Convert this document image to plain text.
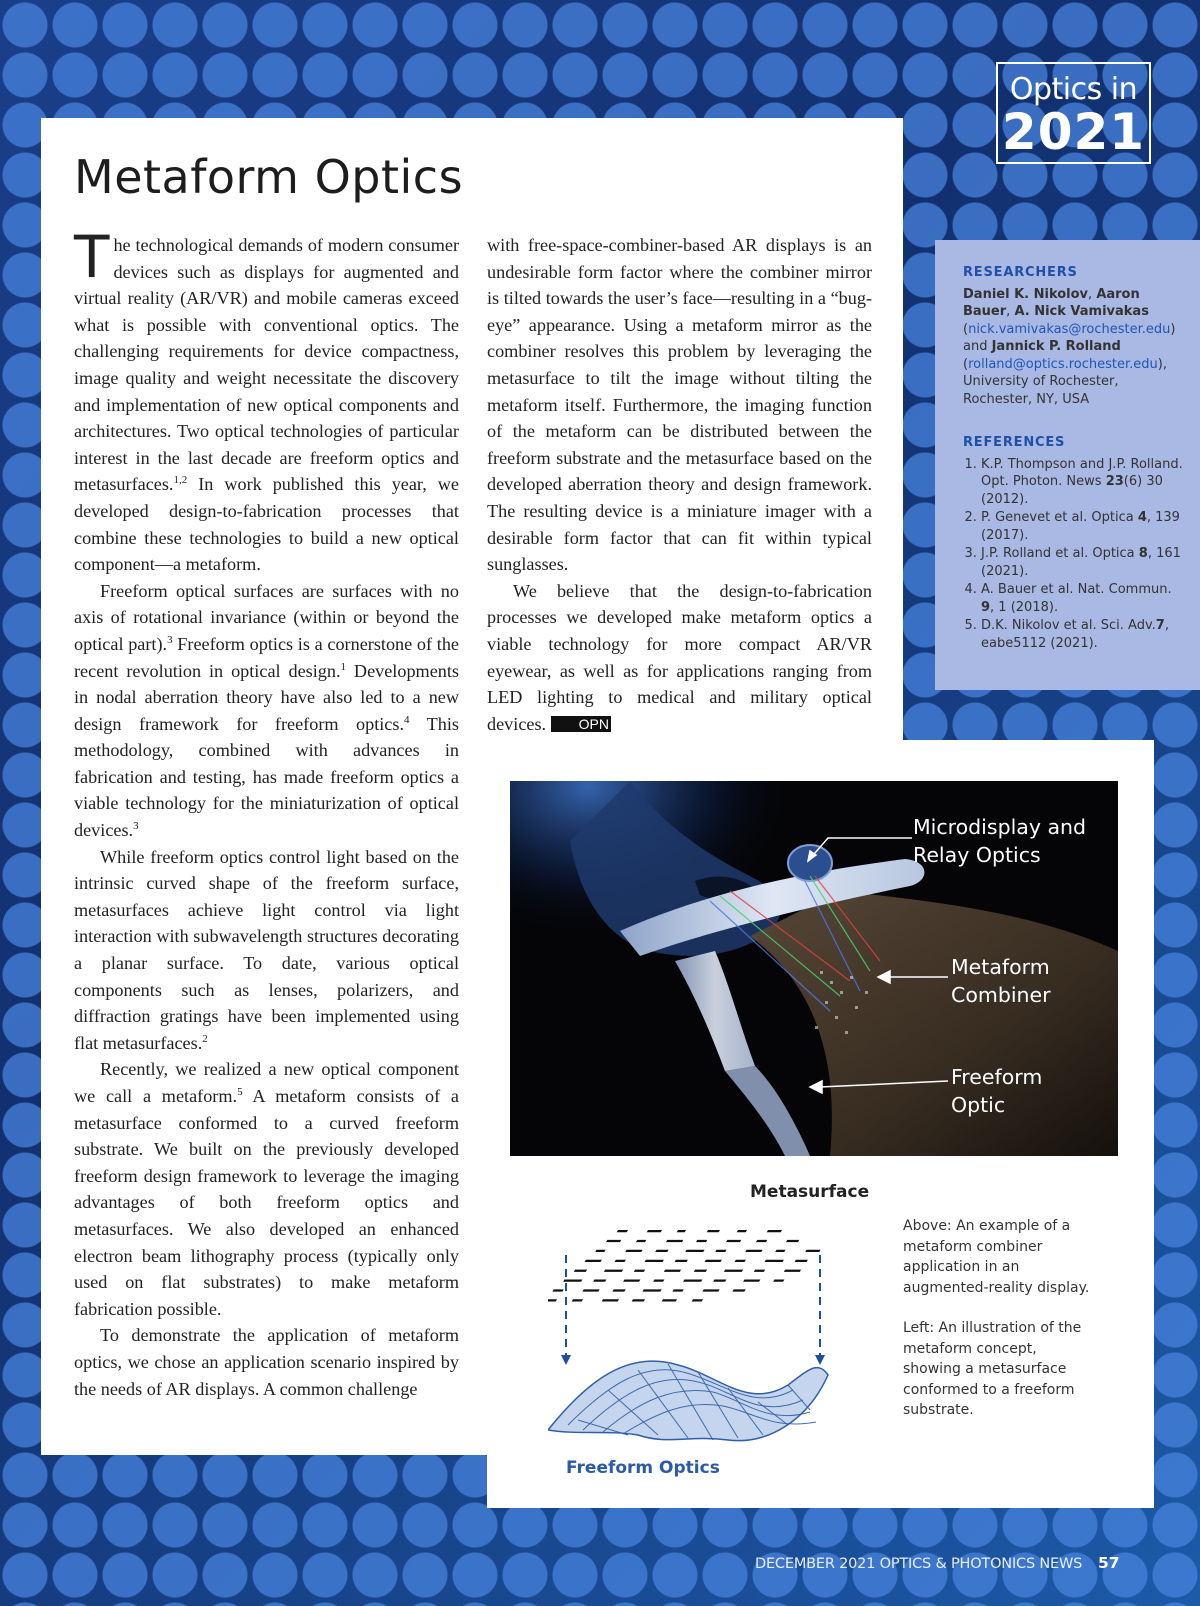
Optics in
2021
Metaform Optics

The technological demands of modern consumer devices such as displays for augmented and virtual reality (AR/VR) and mobile cameras exceed what is possible with conventional optics. The challenging requirements for device compactness, image quality and weight necessitate the discovery and implementation of new optical components and architectures. Two optical technologies of particular interest in the last decade are freeform optics and metasurfaces.$^{1,2}$ In work published this year, we developed design-to-fabrication processes that combine these technologies to build a new optical component—a metaform.

Freeform optical surfaces are surfaces with no axis of rotational invariance (within or beyond the optical part).$^3$ Freeform optics is a cornerstone of the recent revolution in optical design.$^1$ Developments in nodal aberration theory have also led to a new design framework for freeform optics.$^4$ This methodology, combined with advances in fabrication and testing, has made freeform optics a viable technology for the miniaturization of optical devices.$^3$

While freeform optics control light based on the intrinsic curved shape of the freeform surface, metasurfaces achieve light control via light interaction with subwavelength structures decorating a planar surface. To date, various optical components such as lenses, polarizers, and diffraction gratings have been implemented using flat metasurfaces.$^2$

Recently, we realized a new optical component we call a metaform.$^5$ A metaform consists of a metasurface conformed to a curved freeform substrate. We built on the previously developed freeform design framework to leverage the imaging advantages of both freeform optics and metasurfaces. We also developed an enhanced electron beam lithography process (typically only used on flat substrates) to make metaform fabrication possible.

To demonstrate the application of metaform optics, we chose an application scenario inspired by the needs of AR displays. A common challenge

with free-space-combiner-based AR displays is an undesirable form factor where the combiner mirror is tilted towards the user’s face—resulting in a “bug-eye” appearance. Using a metaform mirror as the combiner resolves this problem by leveraging the metasurface to tilt the image without tilting the metaform itself. Furthermore, the imaging function of the metaform can be distributed between the freeform substrate and the metasurface based on the developed aberration theory and design framework. The resulting device is a miniature imager with a desirable form factor that can fit within typical sunglasses.

We believe that the design-to-fabrication processes we developed make metaform optics a viable technology for more compact AR/VR eyewear, as well as for applications ranging from LED lighting to medical and military optical devices. OPN

RESEARCHERS
Daniel K. Nikolov, Aaron Bauer, A. Nick Vamivakas (nick.vamivakas@rochester.edu) and Jannick P. Rolland (rolland@optics.rochester.edu), University of Rochester, Rochester, NY, USA
REFERENCES
1. K.P. Thompson and J.P. Rolland. Opt. Photon. News 23(6) 30 (2012).
2. P. Genevet et al. Optica 4, 139 (2017).
3. J.P. Rolland et al. Optica 8, 161 (2021).
4. A. Bauer et al. Nat. Commun. 9, 1 (2018).
5. D.K. Nikolov et al. Sci. Adv.7, eabe5112 (2021).
Microdisplay and
Relay Optics
Metaform
Combiner
Freeform
Optic
Metasurface
Freeform Optics

Above: An example of a metaform combiner application in an augmented-reality display.

Left: An illustration of the metaform concept, showing a metasurface conformed to a freeform substrate.

DECEMBER 2021 OPTICS & PHOTONICS NEWS 57
